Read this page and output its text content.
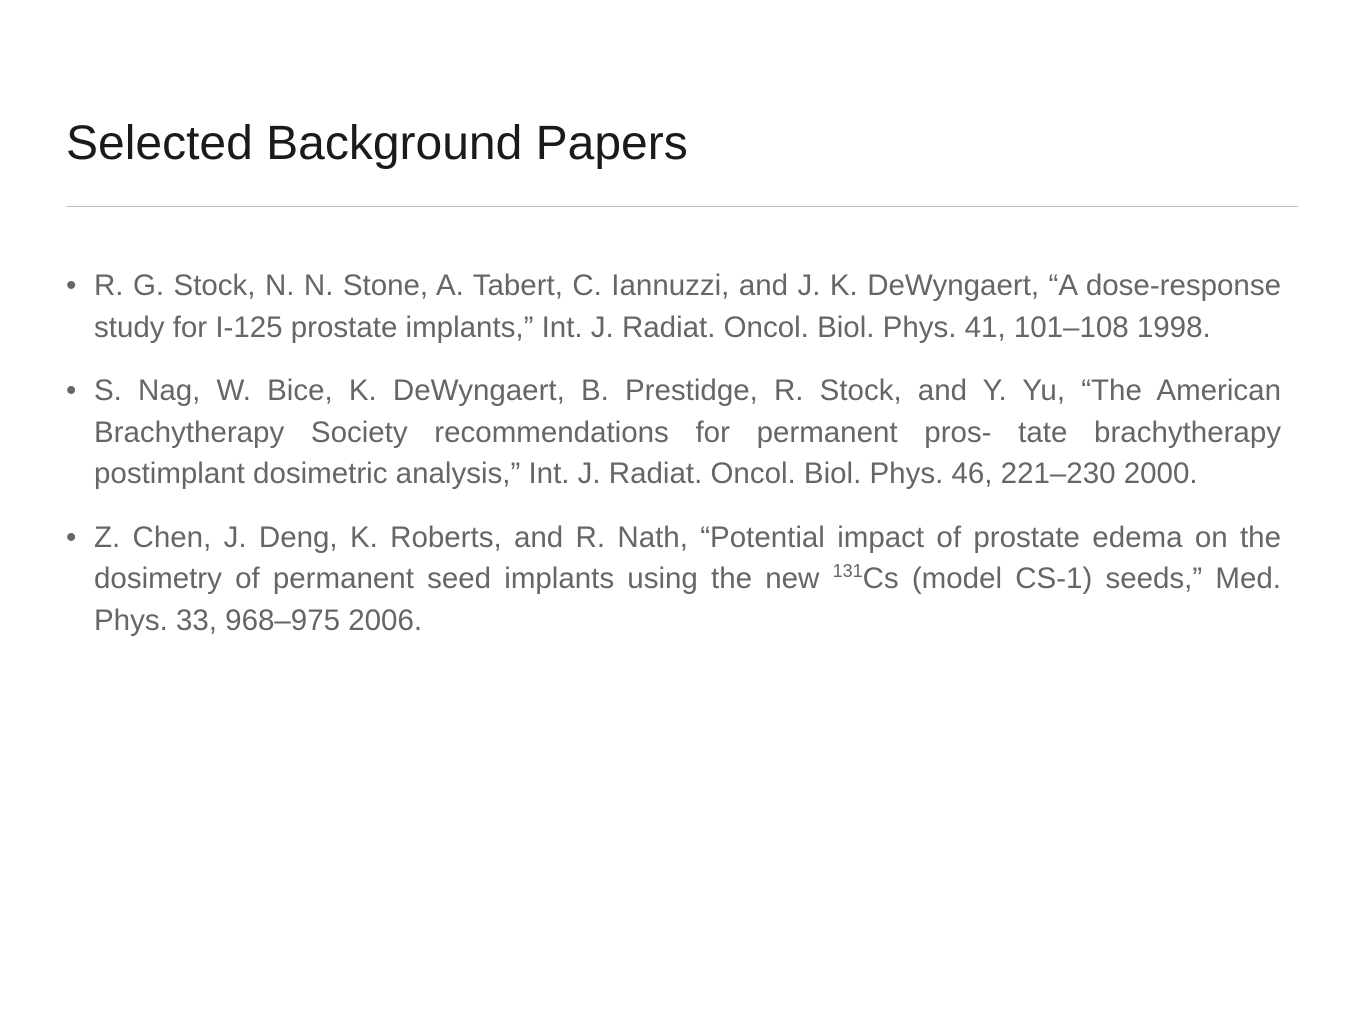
Selected Background Papers
• R. G. Stock, N. N. Stone, A. Tabert, C. Iannuzzi, and J. K. DeWyngaert, “A dose-response study for I-125 prostate implants,” Int. J. Radiat. Oncol. Biol. Phys. 41, 101–108 1998.
• S. Nag, W. Bice, K. DeWyngaert, B. Prestidge, R. Stock, and Y. Yu, “The American Brachytherapy Society recommendations for permanent pros- tate brachytherapy postimplant dosimetric analysis,” Int. J. Radiat. Oncol. Biol. Phys. 46, 221–230 2000.
• Z. Chen, J. Deng, K. Roberts, and R. Nath, “Potential impact of prostate edema on the dosimetry of permanent seed implants using the new $^{131}$Cs (model CS-1) seeds,” Med. Phys. 33, 968–975 2006.
